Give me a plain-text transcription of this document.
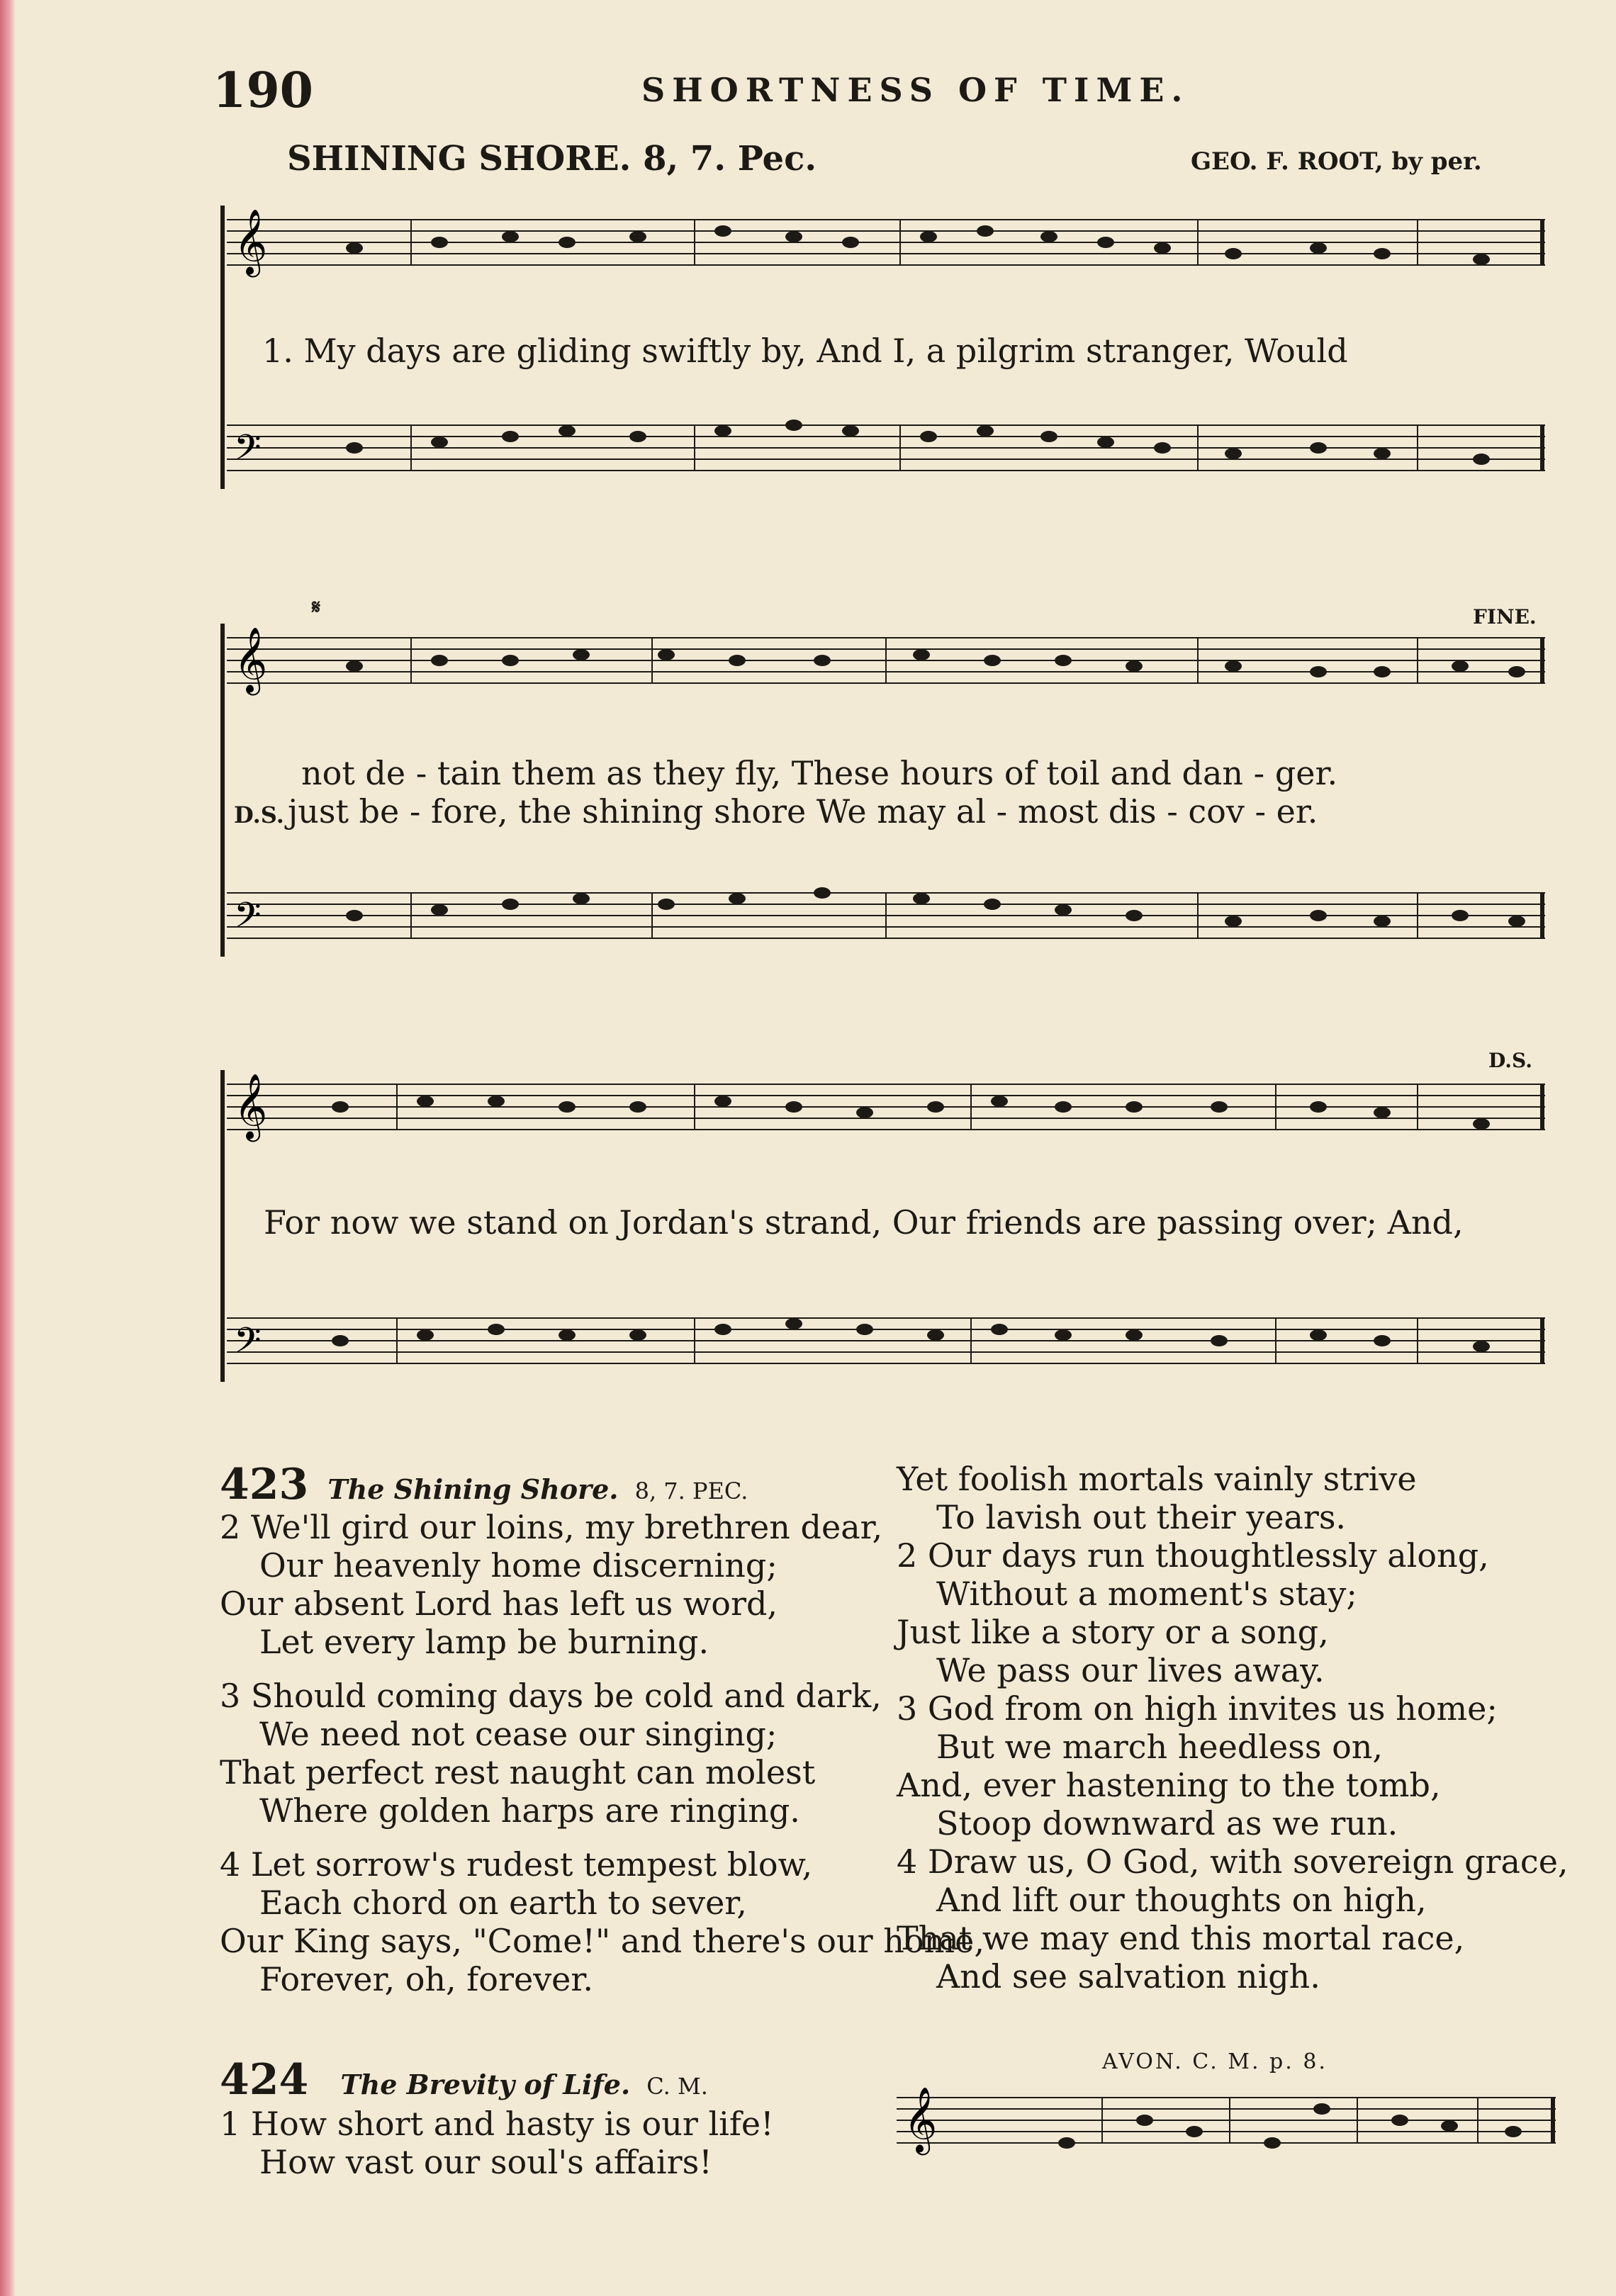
190	SHORTNESS OF TIME.
SHINING SHORE. 8, 7. Pec.	GEO. F. ROOT, by per.
𝄞
𝄢
1. My days are gliding swiftly by, And I, a pilgrim stranger, Would
𝄋	FINE.
𝄞
𝄢
not de - tain them as they fly, These hours of toil and dan - ger.
D.S. just be - fore, the shining shore We may al - most dis - cov - er.
D.S.
𝄞
𝄢
For now we stand on Jordan's strand, Our friends are passing over; And,
423 The Shining Shore. 8, 7. PEC.
2 We'll gird our loins, my brethren dear,
Our heavenly home discerning;
Our absent Lord has left us word,
Let every lamp be burning.

3 Should coming days be cold and dark,
We need not cease our singing;
That perfect rest naught can molest
Where golden harps are ringing.

4 Let sorrow's rudest tempest blow,
Each chord on earth to sever,
Our King says, "Come!" and there's our home,
Forever, oh, forever.
424 The Brevity of Life. C. M.
1 How short and hasty is our life!
How vast our soul's affairs!
Yet foolish mortals vainly strive
To lavish out their years.
2 Our days run thoughtlessly along,
Without a moment's stay;
Just like a story or a song,
We pass our lives away.
3 God from on high invites us home;
But we march heedless on,
And, ever hastening to the tomb,
Stoop downward as we run.
4 Draw us, O God, with sovereign grace,
And lift our thoughts on high,
That we may end this mortal race,
And see salvation nigh.
AVON. C. M. p. 8.
𝄞
